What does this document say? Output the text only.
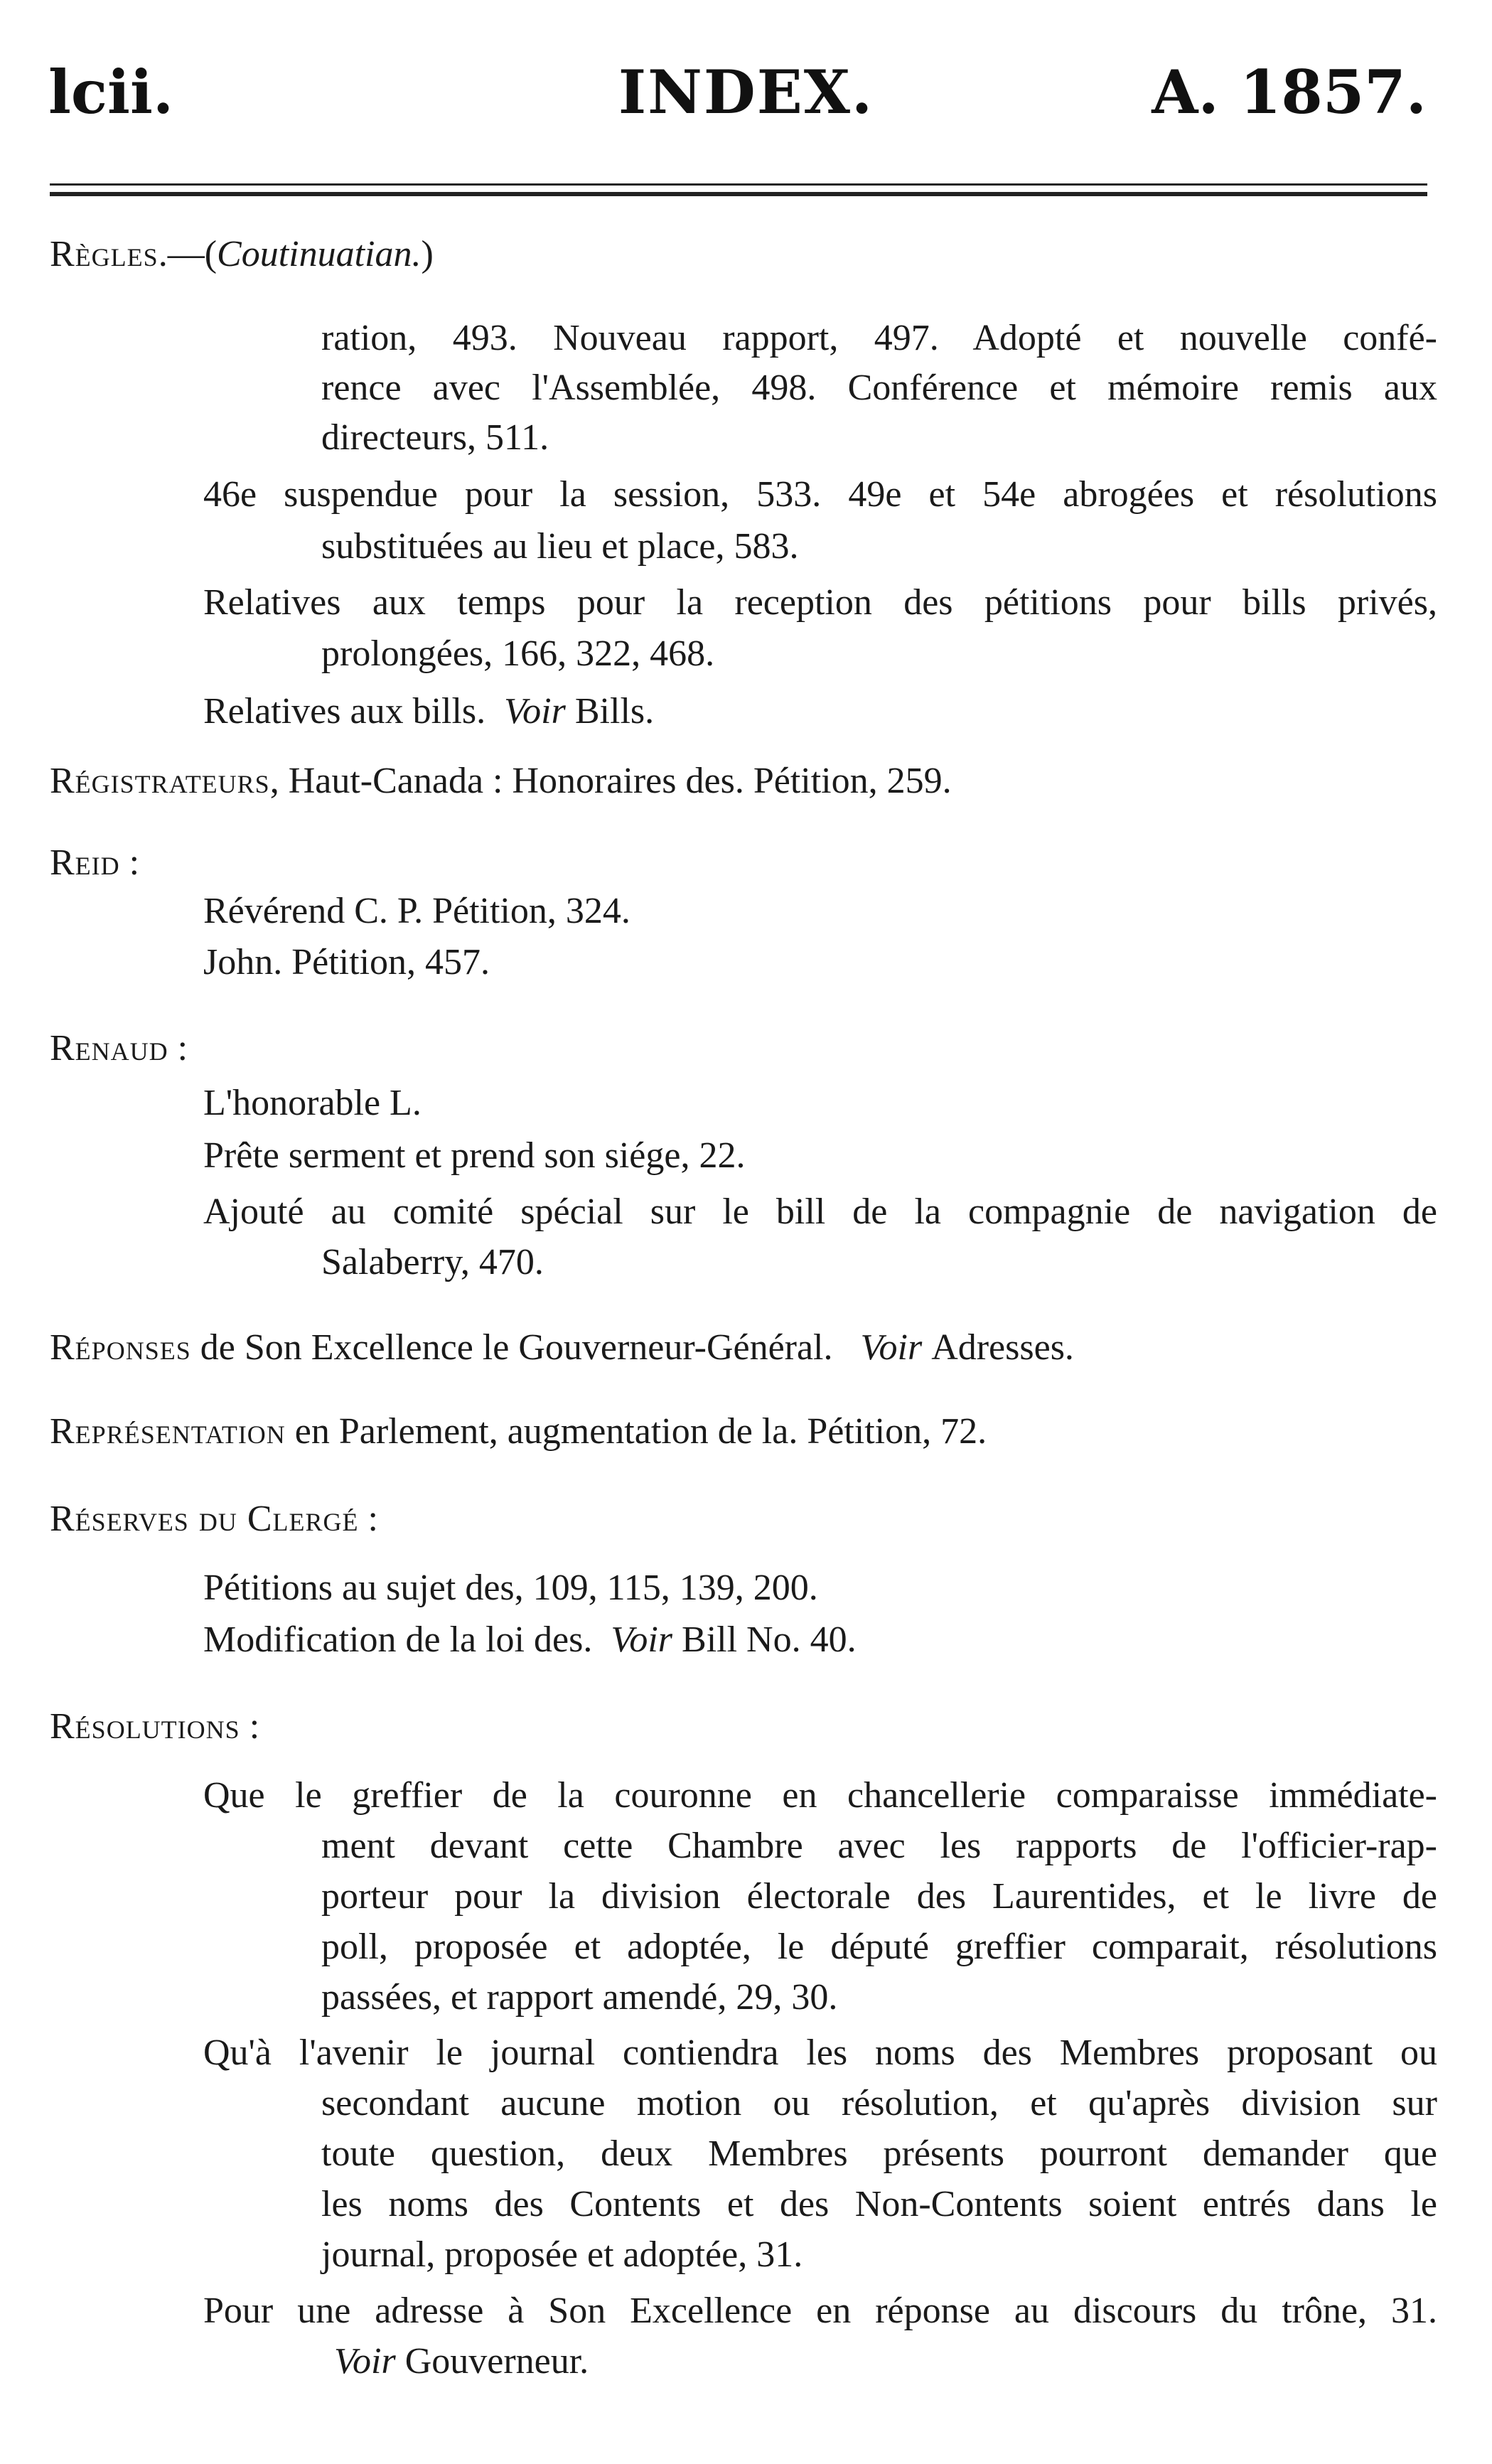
lcii.	INDEX.	A. 1857.
Règles.—(Coutinuatian.)
ration, 493. Nouveau rapport, 497. Adopté et nouvelle confé-
rence avec l'Assemblée, 498. Conférence et mémoire remis aux
directeurs, 511.
46e suspendue pour la session, 533. 49e et 54e abrogées et résolutions
substituées au lieu et place, 583.
Relatives aux temps pour la reception des pétitions pour bills privés,
prolongées, 166, 322, 468.
Relatives aux bills. Voir Bills.
Régistrateurs, Haut-Canada : Honoraires des. Pétition, 259.
Reid :
Révérend C. P. Pétition, 324.
John. Pétition, 457.
Renaud :
L'honorable L.
Prête serment et prend son siége, 22.
Ajouté au comité spécial sur le bill de la compagnie de navigation de
Salaberry, 470.
Réponses de Son Excellence le Gouverneur-Général. Voir Adresses.
Représentation en Parlement, augmentation de la. Pétition, 72.
Réserves du Clergé :
Pétitions au sujet des, 109, 115, 139, 200.
Modification de la loi des. Voir Bill No. 40.
Résolutions :
Que le greffier de la couronne en chancellerie comparaisse immédiate-
ment devant cette Chambre avec les rapports de l'officier-rap-
porteur pour la division électorale des Laurentides, et le livre de
poll, proposée et adoptée, le député greffier comparait, résolutions
passées, et rapport amendé, 29, 30.
Qu'à l'avenir le journal contiendra les noms des Membres proposant ou
secondant aucune motion ou résolution, et qu'après division sur
toute question, deux Membres présents pourront demander que
les noms des Contents et des Non-Contents soient entrés dans le
journal, proposée et adoptée, 31.
Pour une adresse à Son Excellence en réponse au discours du trône, 31.
Voir Gouverneur.
